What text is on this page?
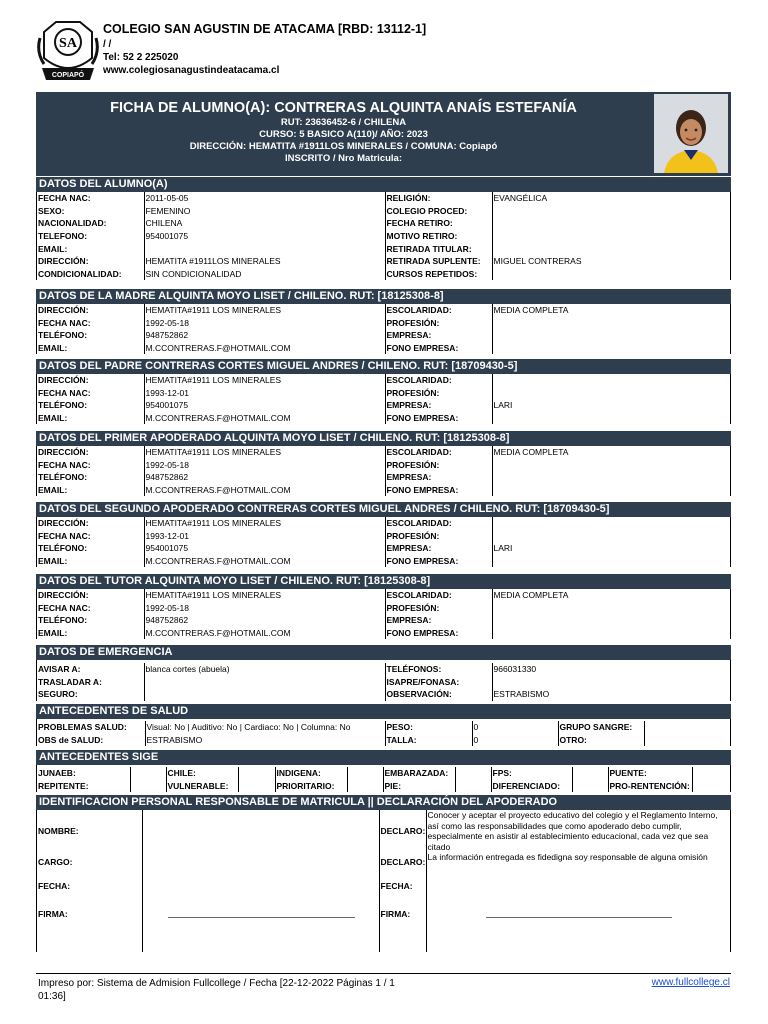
SA
COPIAPÓ
COLEGIO SAN AGUSTIN DE ATACAMA [RBD: 13112-1]
/ /
Tel: 52 2 225020
www.colegiosanagustindeatacama.cl
FICHA DE ALUMNO(A): CONTRERAS ALQUINTA ANAÍS ESTEFANÍA
RUT: 23636452-6 / CHILENA
CURSO: 5 BASICO A(110)/ AÑO: 2023
DIRECCIÓN: HEMATITA #1911LOS MINERALES / COMUNA: Copiapó
INSCRITO / Nro Matricula:
DATOS DEL ALUMNO(A)
FECHA NAC:	2011-05-05	RELIGIÓN:	EVANGÉLICA
SEXO:	FEMENINO	COLEGIO PROCED:	
NACIONALIDAD:	CHILENA	FECHA RETIRO:	
TELEFONO:	954001075	MOTIVO RETIRO:	
EMAIL:		RETIRADA TITULAR:	
DIRECCIÓN:	HEMATITA #1911LOS MINERALES	RETIRADA SUPLENTE:	MIGUEL CONTRERAS
CONDICIONALIDAD:	SIN CONDICIONALIDAD	CURSOS REPETIDOS:	
DATOS DE LA MADRE ALQUINTA MOYO LISET / CHILENO. RUT: [18125308-8]
DIRECCIÓN:	HEMATITA#1911 LOS MINERALES	ESCOLARIDAD:	MEDIA COMPLETA
FECHA NAC:	1992-05-18	PROFESIÓN:	
TELÉFONO:	948752862	EMPRESA:	
EMAIL:	M.CCONTRERAS.F@HOTMAIL.COM	FONO EMPRESA:	
DATOS DEL PADRE CONTRERAS CORTES MIGUEL ANDRES / CHILENO. RUT: [18709430-5]
DIRECCIÓN:	HEMATITA#1911 LOS MINERALES	ESCOLARIDAD:	
FECHA NAC:	1993-12-01	PROFESIÓN:	
TELÉFONO:	954001075	EMPRESA:	LARI
EMAIL:	M.CCONTRERAS.F@HOTMAIL.COM	FONO EMPRESA:	
DATOS DEL PRIMER APODERADO ALQUINTA MOYO LISET / CHILENO. RUT: [18125308-8]
DIRECCIÓN:	HEMATITA#1911 LOS MINERALES	ESCOLARIDAD:	MEDIA COMPLETA
FECHA NAC:	1992-05-18	PROFESIÓN:	
TELÉFONO:	948752862	EMPRESA:	
EMAIL:	M.CCONTRERAS.F@HOTMAIL.COM	FONO EMPRESA:	
DATOS DEL SEGUNDO APODERADO CONTRERAS CORTES MIGUEL ANDRES / CHILENO. RUT: [18709430-5]
DIRECCIÓN:	HEMATITA#1911 LOS MINERALES	ESCOLARIDAD:	
FECHA NAC:	1993-12-01	PROFESIÓN:	
TELÉFONO:	954001075	EMPRESA:	LARI
EMAIL:	M.CCONTRERAS.F@HOTMAIL.COM	FONO EMPRESA:	
DATOS DEL TUTOR ALQUINTA MOYO LISET / CHILENO. RUT: [18125308-8]
DIRECCIÓN:	HEMATITA#1911 LOS MINERALES	ESCOLARIDAD:	MEDIA COMPLETA
FECHA NAC:	1992-05-18	PROFESIÓN:	
TELÉFONO:	948752862	EMPRESA:	
EMAIL:	M.CCONTRERAS.F@HOTMAIL.COM	FONO EMPRESA:	
DATOS DE EMERGENCIA
AVISAR A:	blanca cortes (abuela)	TELÉFONOS:	966031330
TRASLADAR A:		ISAPRE/FONASA:	
SEGURO:		OBSERVACIÓN:	ESTRABISMO
ANTECEDENTES DE SALUD
PROBLEMAS SALUD:	Visual: No | Auditivo: No | Cardiaco: No | Columna: No	PESO:	0	GRUPO SANGRE:	
OBS de SALUD:	ESTRABISMO	TALLA:	0	OTRO:	
ANTECEDENTES SIGE
JUNAEB:		CHILE:		INDIGENA:		EMBARAZADA:		FPS:		PUENTE:	
REPITENTE:		VULNERABLE:		PRIORITARIO:		PIE:		DIFERENCIADO:		PRO-RENTENCIÓN:	
IDENTIFICACION PERSONAL RESPONSABLE DE MATRICULA || DECLARACIÓN DEL APODERADO
NOMBRE:		DECLARO:	Conocer y aceptar el proyecto educativo del colegio y el Reglamento Interno, así como las responsabilidades que como apoderado debo cumplir, especialmente en asistir al establecimiento educacional, cada vez que sea citado
CARGO:		DECLARO:	La información entregada es fidedigna soy responsable de alguna omisión
FECHA:		FECHA:	
FIRMA:		FIRMA:	

Impreso por: Sistema de Admision Fullcollege / Fecha [22-12-2022 Páginas 1 / 1
01:36]
www.fullcollege.cl
